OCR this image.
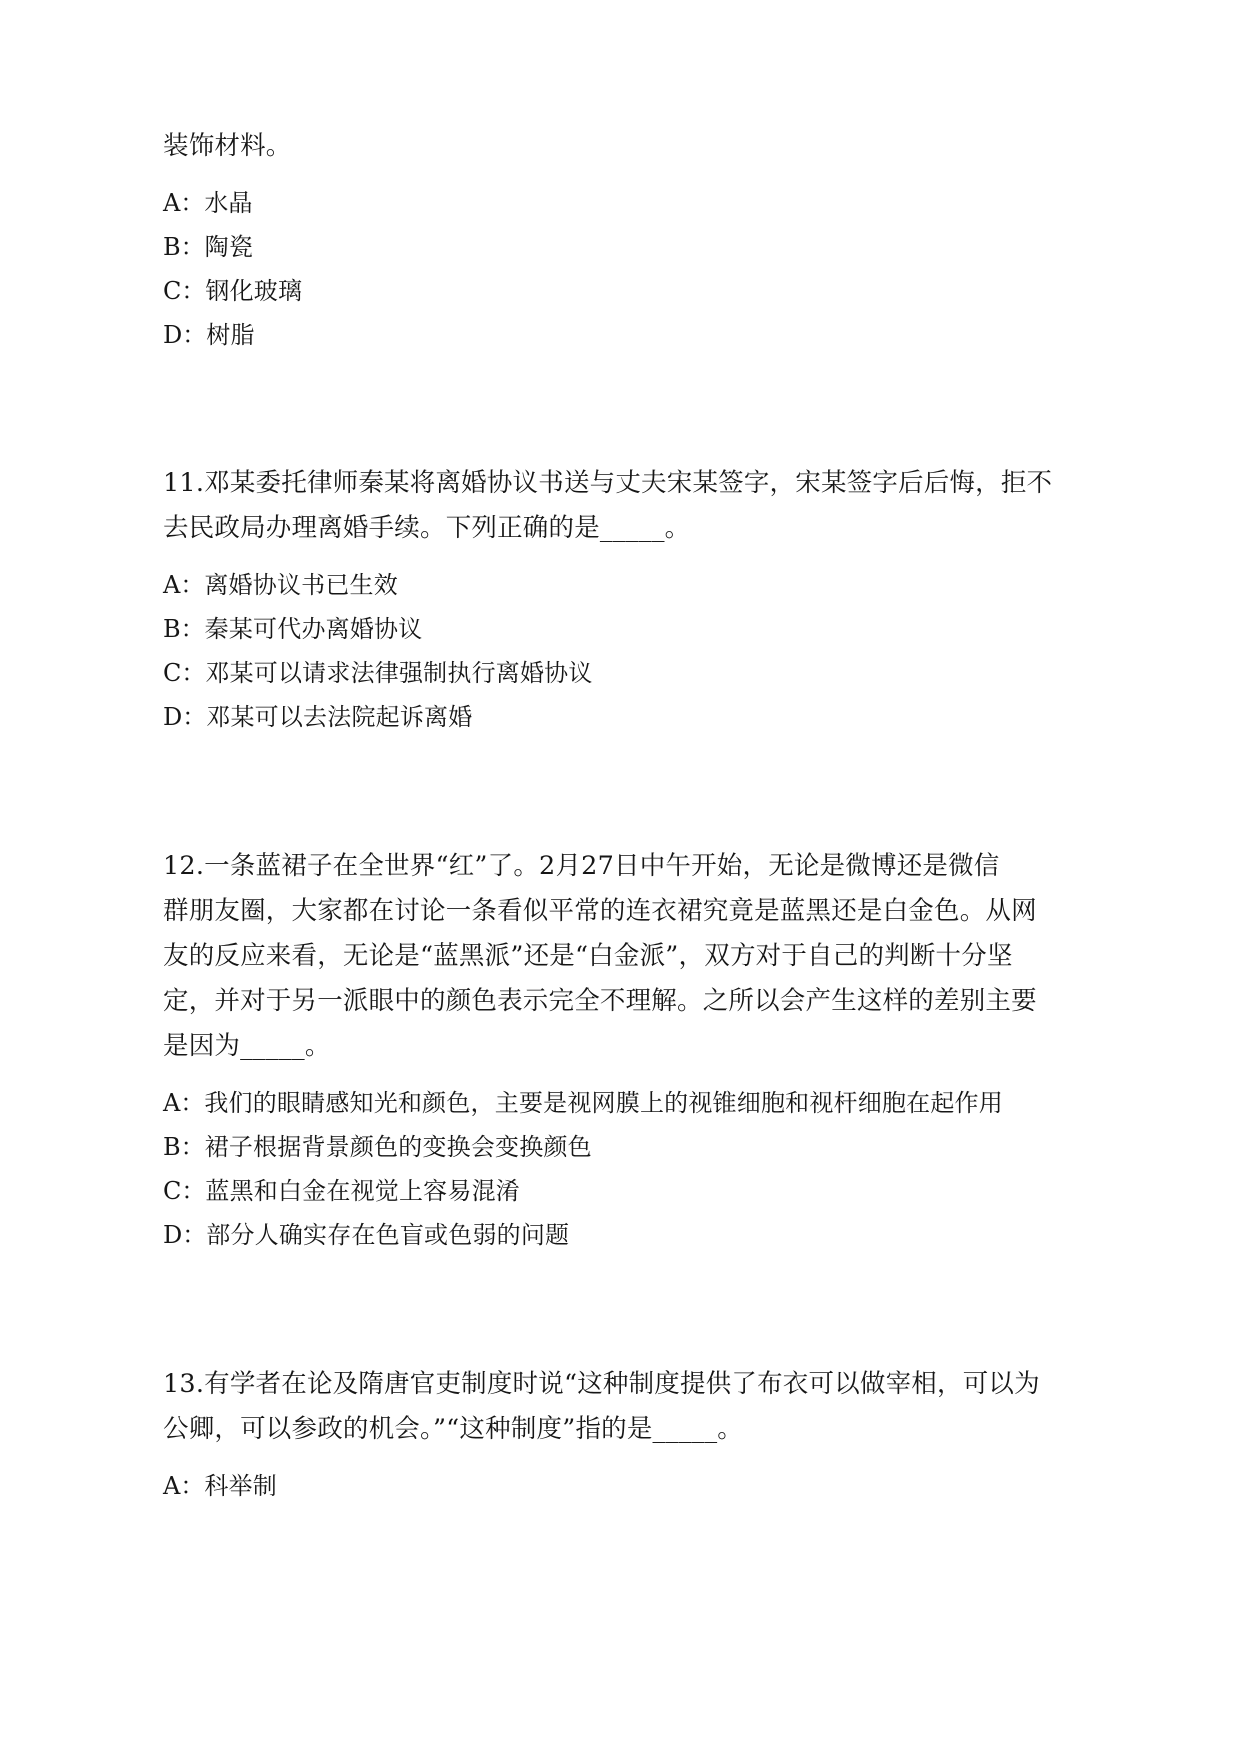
装饰材料。

A：水晶

B：陶瓷

C：钢化玻璃

D：树脂

11.邓某委托律师秦某将离婚协议书送与丈夫宋某签字，宋某签字后后悔，拒不
去民政局办理离婚手续。下列正确的是_____。

A：离婚协议书已生效

B：秦某可代办离婚协议

C：邓某可以请求法律强制执行离婚协议

D：邓某可以去法院起诉离婚

12.一条蓝裙子在全世界“红”了。2月27日中午开始，无论是微博还是微信
群朋友圈，大家都在讨论一条看似平常的连衣裙究竟是蓝黑还是白金色。从网
友的反应来看，无论是“蓝黑派”还是“白金派”，双方对于自己的判断十分坚
定，并对于另一派眼中的颜色表示完全不理解。之所以会产生这样的差别主要
是因为_____。

A：我们的眼睛感知光和颜色，主要是视网膜上的视锥细胞和视杆细胞在起作用

B：裙子根据背景颜色的变换会变换颜色

C：蓝黑和白金在视觉上容易混淆

D：部分人确实存在色盲或色弱的问题

13.有学者在论及隋唐官吏制度时说“这种制度提供了布衣可以做宰相，可以为
公卿，可以参政的机会。”“这种制度”指的是_____。

A：科举制
